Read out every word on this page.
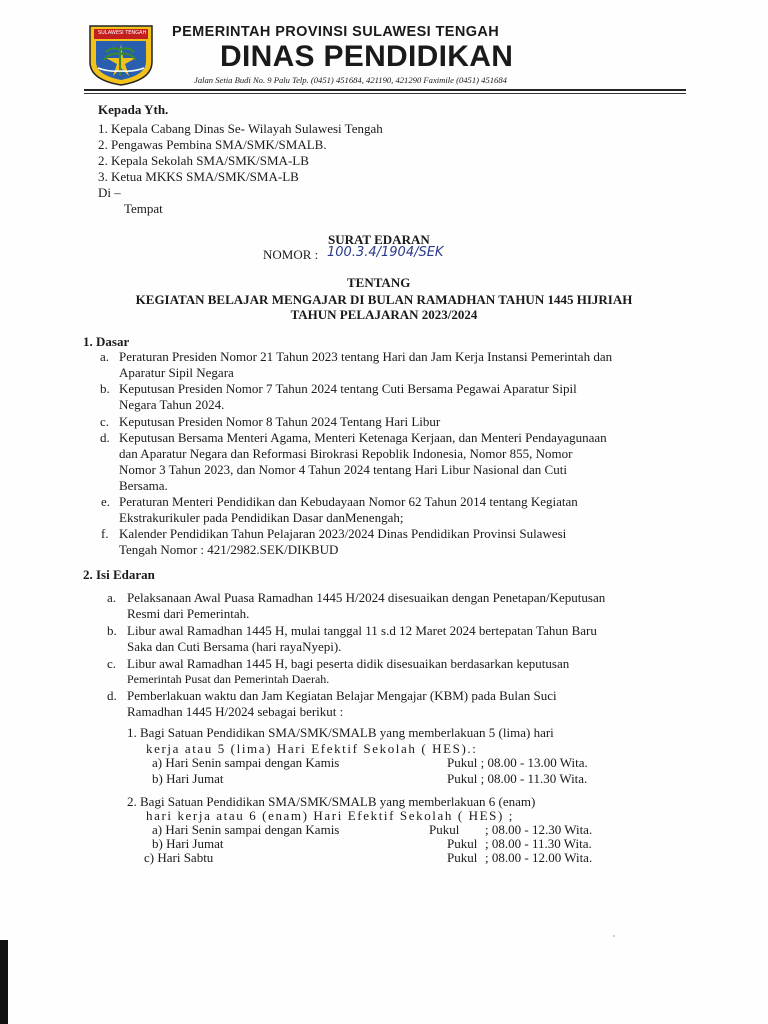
SULAWESI TENGAH PEMERINTAH PROVINSI SULAWESI TENGAH
DINAS PENDIDIKAN
Jalan Setia Budi No. 9 Palu Telp. (0451) 451684, 421190, 421290 Faximile (0451) 451684
Kepada Yth.
1. Kepala Cabang Dinas Se- Wilayah Sulawesi Tengah
2. Pengawas Pembina SMA/SMK/SMALB.
2. Kepala Sekolah SMA/SMK/SMA-LB
3. Ketua MKKS SMA/SMK/SMA-LB
Di –
Tempat
SURAT EDARAN
NOMOR : 100.3.4/1904/SEK
TENTANG
KEGIATAN BELAJAR MENGAJAR DI BULAN RAMADHAN TAHUN 1445 HIJRIAH
TAHUN PELAJARAN 2023/2024
1. Dasar
a. Peraturan Presiden Nomor 21 Tahun 2023 tentang Hari dan Jam Kerja Instansi Pemerintah dan
Aparatur Sipil Negara
b. Keputusan Presiden Nomor 7 Tahun 2024 tentang Cuti Bersama Pegawai Aparatur Sipil
Negara Tahun 2024.
c. Keputusan Presiden Nomor 8 Tahun 2024 Tentang Hari Libur
d. Keputusan Bersama Menteri Agama, Menteri Ketenaga Kerjaan, dan Menteri Pendayagunaan
dan Aparatur Negara dan Reformasi Birokrasi Repoblik Indonesia, Nomor 855, Nomor
Nomor 3 Tahun 2023, dan Nomor 4 Tahun 2024 tentang Hari Libur Nasional dan Cuti
Bersama.
e. Peraturan Menteri Pendidikan dan Kebudayaan Nomor 62 Tahun 2014 tentang Kegiatan
Ekstrakurikuler pada Pendidikan Dasar danMenengah;
f. Kalender Pendidikan Tahun Pelajaran 2023/2024 Dinas Pendidikan Provinsi Sulawesi
Tengah Nomor : 421/2982.SEK/DIKBUD
2. Isi Edaran
a. Pelaksanaan Awal Puasa Ramadhan 1445 H/2024 disesuaikan dengan Penetapan/Keputusan
Resmi dari Pemerintah.
b. Libur awal Ramadhan 1445 H, mulai tanggal 11 s.d 12 Maret 2024 bertepatan Tahun Baru
Saka dan Cuti Bersama (hari rayaNyepi).
c. Libur awal Ramadhan 1445 H, bagi peserta didik disesuaikan berdasarkan keputusan
Pemerintah Pusat dan Pemerintah Daerah.
d. Pemberlakuan waktu dan Jam Kegiatan Belajar Mengajar (KBM) pada Bulan Suci
Ramadhan 1445 H/2024 sebagai berikut :
1. Bagi Satuan Pendidikan SMA/SMK/SMALB yang memberlakuan 5 (lima) hari
kerja atau 5 (lima) Hari Efektif Sekolah ( HES).:
a) Hari Senin sampai dengan Kamis	Pukul ; 08.00 - 13.00 Wita.
b) Hari Jumat	Pukul ; 08.00 - 11.30 Wita.
2. Bagi Satuan Pendidikan SMA/SMK/SMALB yang memberlakuan 6 (enam)
hari kerja atau 6 (enam) Hari Efektif Sekolah ( HES) ;
a) Hari Senin sampai dengan Kamis	Pukul ; 08.00 - 12.30 Wita.
b) Hari Jumat	Pukul ; 08.00 - 11.30 Wita.
c) Hari Sabtu	Pukul ; 08.00 - 12.00 Wita.
